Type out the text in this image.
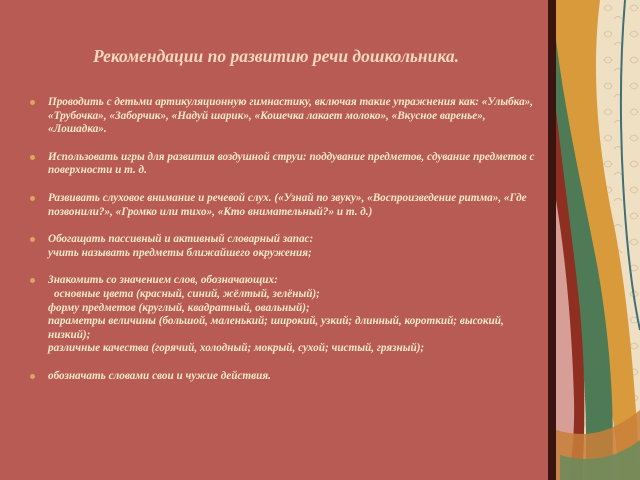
Рекомендации по развитию речи дошкольника.

Проводить с детьми артикуляционную гимнастику, включая такие упражнения как: «Улыбка», «Трубочка», «Заборчик», «Надуй шарик», «Кошечка лакает молоко», «Вкусное варенье», «Лошадка».

Использовать игры для развития воздушной струи: поддувание предметов, сдувание предметов с поверхности и т. д.

Развивать слуховое внимание и речевой слух. («Узнай по звуку», «Воспроизведение ритма», «Где позвонили?», «Громко или тихо», «Кто внимательный?» и т. д.)

Обогащать пассивный и активный словарный запас:

учить называть предметы ближайшего окружения;

Знакомить со значением слов, обозначающих:

основные цвета (красный, синий, жёлтый, зелёный);

форму предметов (круглый, квадратный, овальный);

параметры величины (большой, маленький; широкий, узкий; длинный, короткий; высокий, низкий);

различные качества (горячий, холодный; мокрый, сухой; чистый, грязный);

обозначать словами свои и чужие действия.
